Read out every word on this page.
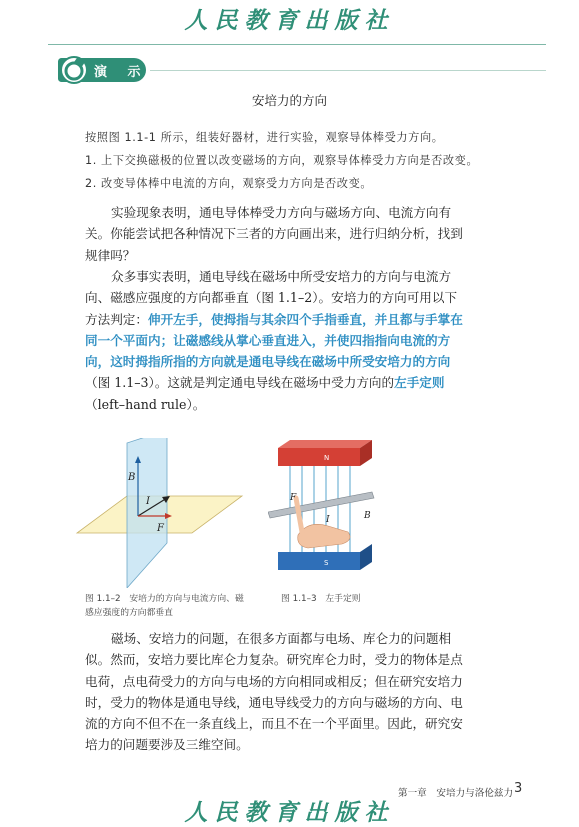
人民教育出版社
演 示
安培力的方向
按照图 1.1-1 所示，组装好器材，进行实验，观察导体棒受力方向。
1. 上下交换磁极的位置以改变磁场的方向，观察导体棒受力方向是否改变。
2. 改变导体棒中电流的方向，观察受力方向是否改变。
实验现象表明，通电导体棒受力方向与磁场方向、电流方向有关。你能尝试把各种情况下三者的方向画出来，进行归纳分析，找到规律吗？
众多事实表明，通电导线在磁场中所受安培力的方向与电流方向、磁感应强度的方向都垂直（图 1.1–2）。安培力的方向可用以下方法判定：伸开左手，使拇指与其余四个手指垂直，并且都与手掌在同一个平面内；让磁感线从掌心垂直进入，并使四指指向电流的方向，这时拇指所指的方向就是通电导线在磁场中所受安培力的方向（图 1.1–3）。这就是判定通电导线在磁场中受力方向的左手定则（left–hand rule）。
B
I
F
N
F
I	B
S
图 1.1–2　安培力的方向与电流方向、磁感应强度的方向都垂直
图 1.1–3　左手定则
磁场、安培力的问题，在很多方面都与电场、库仑力的问题相似。然而，安培力要比库仑力复杂。研究库仑力时，受力的物体是点电荷，点电荷受力的方向与电场的方向相同或相反；但在研究安培力时，受力的物体是通电导线，通电导线受力的方向与磁场的方向、电流的方向不但不在一条直线上，而且不在一个平面里。因此，研究安培力的问题要涉及三维空间。
第一章　安培力与洛伦兹力 3
人民教育出版社
